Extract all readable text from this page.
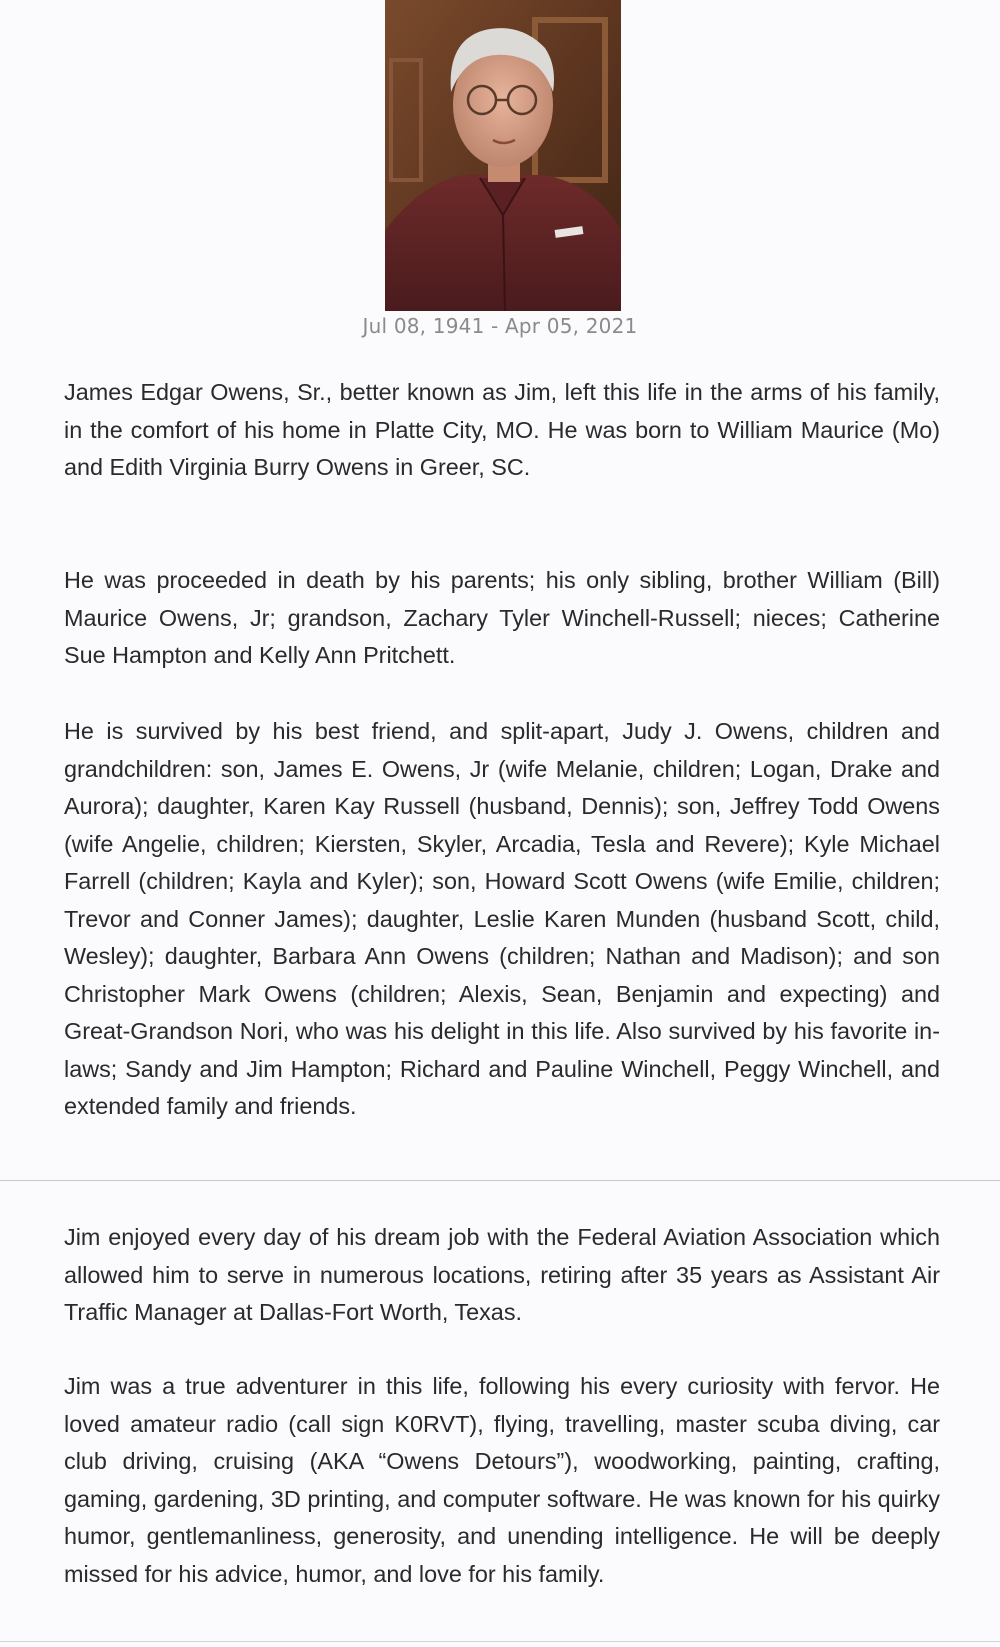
Jul 08, 1941 - Apr 05, 2021

James Edgar Owens, Sr., better known as Jim, left this life in the arms of his family, in the comfort of his home in Platte City, MO. He was born to William Maurice (Mo) and Edith Virginia Burry Owens in Greer, SC.

He was proceeded in death by his parents; his only sibling, brother William (Bill) Maurice Owens, Jr; grandson, Zachary Tyler Winchell-Russell; nieces; Catherine Sue Hampton and Kelly Ann Pritchett.

He is survived by his best friend, and split-apart, Judy J. Owens, children and grandchildren: son, James E. Owens, Jr (wife Melanie, children; Logan, Drake and Aurora); daughter, Karen Kay Russell (husband, Dennis); son, Jeffrey Todd Owens (wife Angelie, children; Kiersten, Skyler, Arcadia, Tesla and Revere); Kyle Michael Farrell (children; Kayla and Kyler); son, Howard Scott Owens (wife Emilie, children; Trevor and Conner James); daughter, Leslie Karen Munden (husband Scott, child, Wesley); daughter, Barbara Ann Owens (children; Nathan and Madison); and son Christopher Mark Owens (children; Alexis, Sean, Benjamin and expecting) and Great-Grandson Nori, who was his delight in this life. Also survived by his favorite in-laws; Sandy and Jim Hampton; Richard and Pauline Winchell, Peggy Winchell, and extended family and friends.

Jim enjoyed every day of his dream job with the Federal Aviation Association which allowed him to serve in numerous locations, retiring after 35 years as Assistant Air Traffic Manager at Dallas-Fort Worth, Texas.

Jim was a true adventurer in this life, following his every curiosity with fervor. He loved amateur radio (call sign K0RVT), flying, travelling, master scuba diving, car club driving, cruising (AKA “Owens Detours”), woodworking, painting, crafting, gaming, gardening, 3D printing, and computer software. He was known for his quirky humor, gentlemanliness, generosity, and unending intelligence. He will be deeply missed for his advice, humor, and love for his family.
